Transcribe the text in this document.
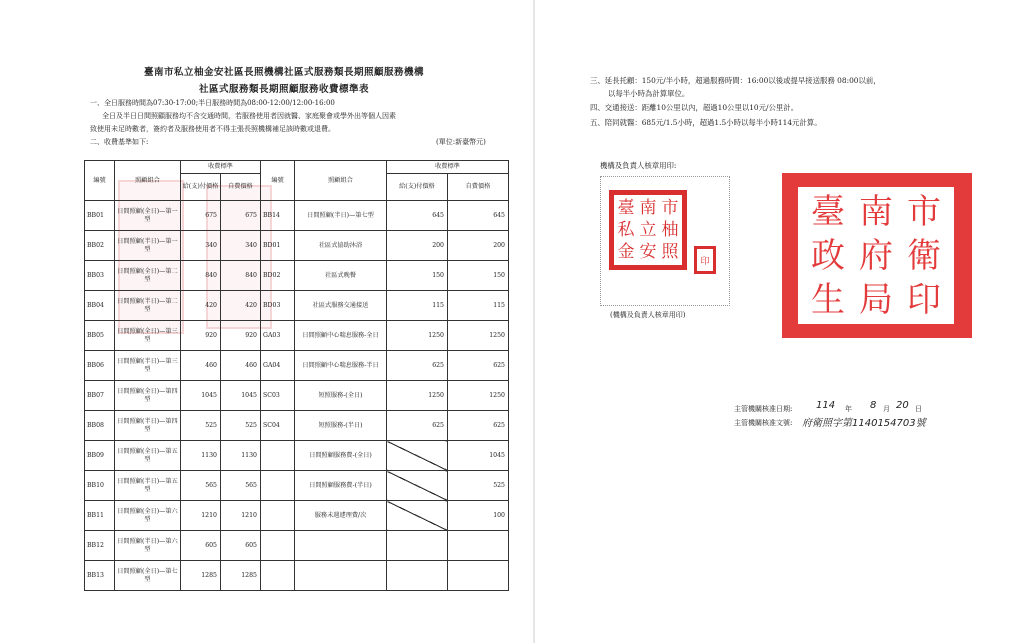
臺南市私立柚金安社區長照機構社區式服務類長期照顧服務機構
社區式服務類長期照顧服務收費標準表
一、全日服務時間為07:30-17:00;半日服務時間為08:00-12:00/12:00-16:00
全日及半日日間照顧服務均不含交通時間，若服務使用者因就醫、家庭聚會或學外出等個人因素
致使用未足時數者，簽約者及服務使用者不得主張長照機構補足該時數或退費。
二、收費基準如下:	(單位:新臺幣元)
編號	照顧組合	收費標準		編號	照顧組合	收費標準	
		給(支)付價格	自費價格			給(支)付價格	自費價格
BB01	日間照顧(全日)—第一型	675	675	BB14	日間照顧(半日)—第七型	645	645
BB02	日間照顧(半日)—第一型	340	340	BD01	社區式協助沐浴	200	200
BB03	日間照顧(全日)—第二型	840	840	BD02	社區式晚餐	150	150
BB04	日間照顧(半日)—第二型	420	420	BD03	社區式服務交通接送	115	115
BB05	日間照顧(全日)—第三型	920	920	GA03	日間照顧中心喘息服務-全日	1250	1250
BB06	日間照顧(半日)—第三型	460	460	GA04	日間照顧中心喘息服務-半日	625	625
BB07	日間照顧(全日)—第四型	1045	1045	SC03	短照服務-(全日)	1250	1250
BB08	日間照顧(半日)—第四型	525	525	SC04	短照服務-(半日)	625	625
BB09	日間照顧(全日)—第五型	1130	1130		日間照顧服務費-(全日)		1045
BB10	日間照顧(半日)—第五型	565	565		日間照顧服務費-(半日)		525
BB11	日間照顧(全日)—第六型	1210	1210		服務未週遽理費/次		100
BB12	日間照顧(半日)—第六型	605	605				
BB13	日間照顧(全日)—第七型	1285	1285				
三、延長托顧：150元/半小時，超過服務時間：16:00以後或提早接送服務 08:00以前，
以每半小時為計算單位。
四、交通接送：距離10公里以內，超過10公里以10元/公里計。
五、陪同就醫：685元/1.5小時，超過1.5小時以每半小時114元計算。
機構及負責人核章用印:
臺 南 市
私 立 柚
金 安 照 印
(機構及負責人核章用印)
臺 南 市
政 府 衛
生 局 印
主管機關核准日期: 114 年 8 月 20 日
主管機關核准文號: 府衛照字第1140154703號
